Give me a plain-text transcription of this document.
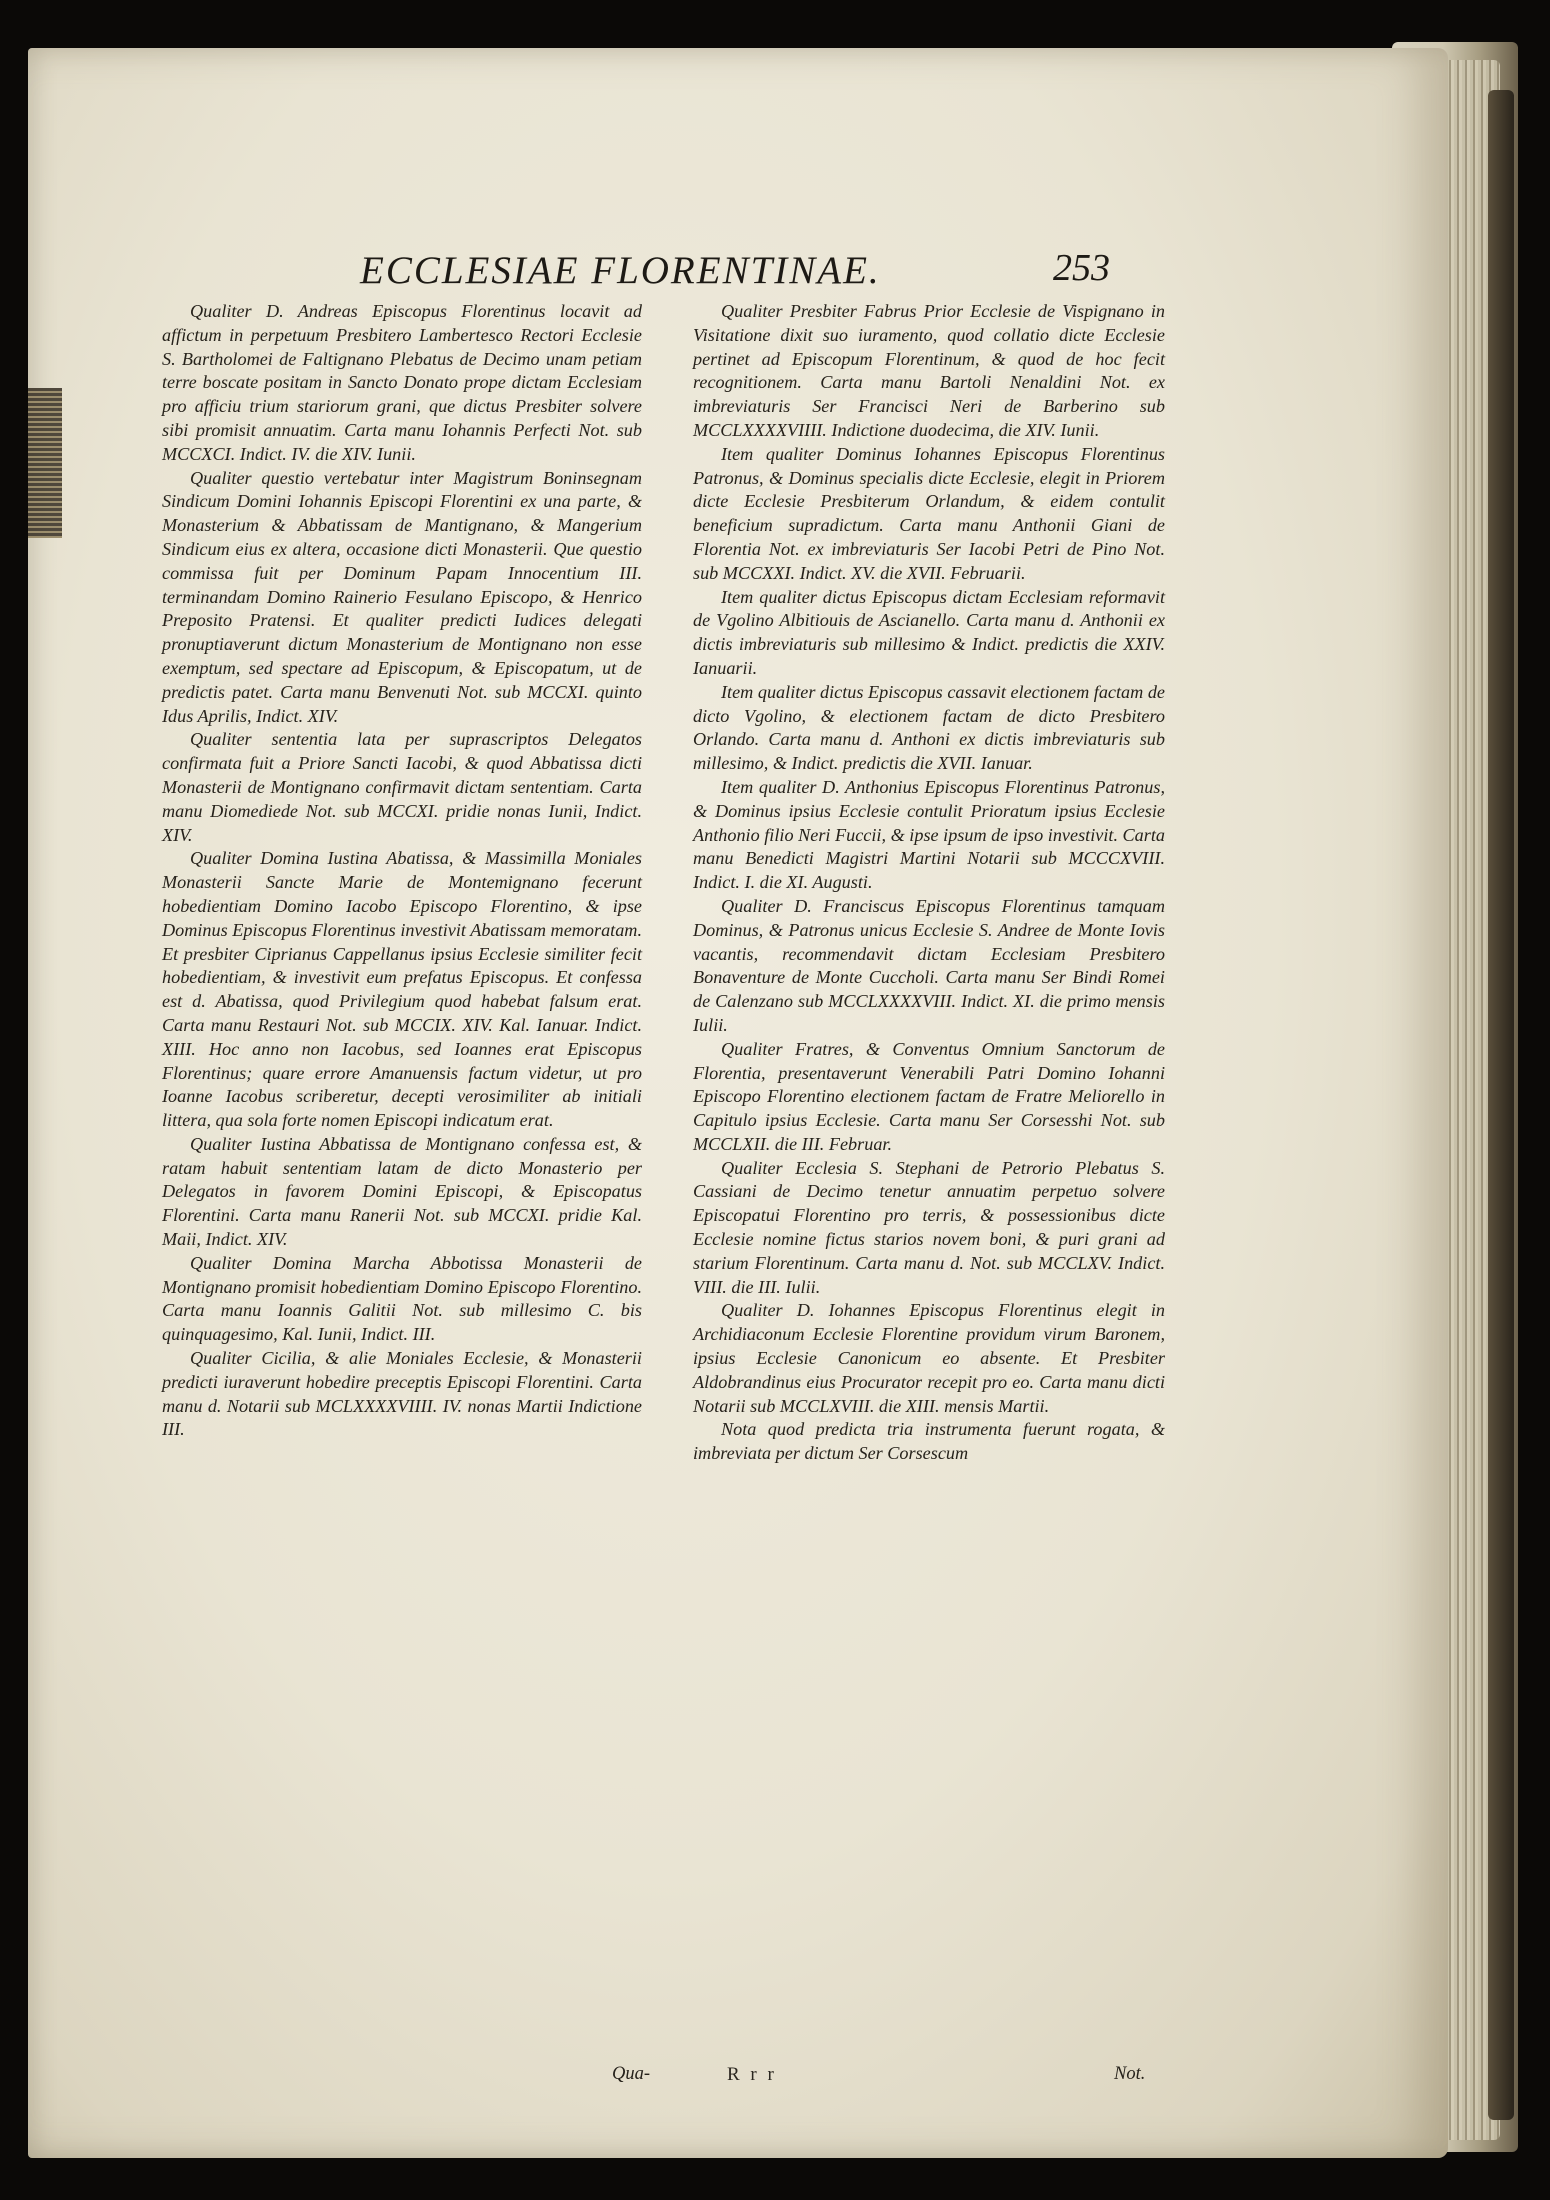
ECCLESIAE FLORENTINAE.	253

Qualiter D. Andreas Episcopus Florentinus locavit ad affictum in perpetuum Presbitero Lambertesco Rectori Ecclesie S. Bartholomei de Faltignano Plebatus de Decimo unam petiam terre boscate positam in Sancto Donato prope dictam Ecclesiam pro afficiu trium stariorum grani, que dictus Presbiter solvere sibi promisit annuatim. Carta manu Iohannis Perfecti Not. sub MCCXCI. Indict. IV. die XIV. Iunii.

Qualiter questio vertebatur inter Magistrum Boninsegnam Sindicum Domini Iohannis Episcopi Florentini ex una parte, & Monasterium & Abbatissam de Mantignano, & Mangerium Sindicum eius ex altera, occasione dicti Monasterii. Que questio commissa fuit per Dominum Papam Innocentium III. terminandam Domino Rainerio Fesulano Episcopo, & Henrico Preposito Pratensi. Et qualiter predicti Iudices delegati pronuptiaverunt dictum Monasterium de Montignano non esse exemptum, sed spectare ad Episcopum, & Episcopatum, ut de predictis patet. Carta manu Benvenuti Not. sub MCCXI. quinto Idus Aprilis, Indict. XIV.

Qualiter sententia lata per suprascriptos Delegatos confirmata fuit a Priore Sancti Iacobi, & quod Abbatissa dicti Monasterii de Montignano confirmavit dictam sententiam. Carta manu Diomediede Not. sub MCCXI. pridie nonas Iunii, Indict. XIV.

Qualiter Domina Iustina Abatissa, & Massimilla Moniales Monasterii Sancte Marie de Montemignano fecerunt hobedientiam Domino Iacobo Episcopo Florentino, & ipse Dominus Episcopus Florentinus investivit Abatissam memoratam. Et presbiter Ciprianus Cappellanus ipsius Ecclesie similiter fecit hobedientiam, & investivit eum prefatus Episcopus. Et confessa est d. Abatissa, quod Privilegium quod habebat falsum erat. Carta manu Restauri Not. sub MCCIX. XIV. Kal. Ianuar. Indict. XIII. Hoc anno non Iacobus, sed Ioannes erat Episcopus Florentinus; quare errore Amanuensis factum videtur, ut pro Ioanne Iacobus scriberetur, decepti verosimiliter ab initiali littera, qua sola forte nomen Episcopi indicatum erat.

Qualiter Iustina Abbatissa de Montignano confessa est, & ratam habuit sententiam latam de dicto Monasterio per Delegatos in favorem Domini Episcopi, & Episcopatus Florentini. Carta manu Ranerii Not. sub MCCXI. pridie Kal. Maii, Indict. XIV.

Qualiter Domina Marcha Abbotissa Monasterii de Montignano promisit hobedientiam Domino Episcopo Florentino. Carta manu Ioannis Galitii Not. sub millesimo C. bis quinquagesimo, Kal. Iunii, Indict. III.

Qualiter Cicilia, & alie Moniales Ecclesie, & Monasterii predicti iuraverunt hobedire preceptis Episcopi Florentini. Carta manu d. Notarii sub MCLXXXXVIIII. IV. nonas Martii Indictione III.

Qualiter Presbiter Fabrus Prior Ecclesie de Vispignano in Visitatione dixit suo iuramento, quod collatio dicte Ecclesie pertinet ad Episcopum Florentinum, & quod de hoc fecit recognitionem. Carta manu Bartoli Nenaldini Not. ex imbreviaturis Ser Francisci Neri de Barberino sub MCCLXXXXVIIII. Indictione duodecima, die XIV. Iunii.

Item qualiter Dominus Iohannes Episcopus Florentinus Patronus, & Dominus specialis dicte Ecclesie, elegit in Priorem dicte Ecclesie Presbiterum Orlandum, & eidem contulit beneficium supradictum. Carta manu Anthonii Giani de Florentia Not. ex imbreviaturis Ser Iacobi Petri de Pino Not. sub MCCXXI. Indict. XV. die XVII. Februarii.

Item qualiter dictus Episcopus dictam Ecclesiam reformavit de Vgolino Albitiouis de Ascianello. Carta manu d. Anthonii ex dictis imbreviaturis sub millesimo & Indict. predictis die XXIV. Ianuarii.

Item qualiter dictus Episcopus cassavit electionem factam de dicto Vgolino, & electionem factam de dicto Presbitero Orlando. Carta manu d. Anthoni ex dictis imbreviaturis sub millesimo, & Indict. predictis die XVII. Ianuar.

Item qualiter D. Anthonius Episcopus Florentinus Patronus, & Dominus ipsius Ecclesie contulit Prioratum ipsius Ecclesie Anthonio filio Neri Fuccii, & ipse ipsum de ipso investivit. Carta manu Benedicti Magistri Martini Notarii sub MCCCXVIII. Indict. I. die XI. Augusti.

Qualiter D. Franciscus Episcopus Florentinus tamquam Dominus, & Patronus unicus Ecclesie S. Andree de Monte Iovis vacantis, recommendavit dictam Ecclesiam Presbitero Bonaventure de Monte Cuccholi. Carta manu Ser Bindi Romei de Calenzano sub MCCLXXXXVIII. Indict. XI. die primo mensis Iulii.

Qualiter Fratres, & Conventus Omnium Sanctorum de Florentia, presentaverunt Venerabili Patri Domino Iohanni Episcopo Florentino electionem factam de Fratre Meliorello in Capitulo ipsius Ecclesie. Carta manu Ser Corsesshi Not. sub MCCLXII. die III. Februar.

Qualiter Ecclesia S. Stephani de Petrorio Plebatus S. Cassiani de Decimo tenetur annuatim perpetuo solvere Episcopatui Florentino pro terris, & possessionibus dicte Ecclesie nomine fictus starios novem boni, & puri grani ad starium Florentinum. Carta manu d. Not. sub MCCLXV. Indict. VIII. die III. Iulii.

Qualiter D. Iohannes Episcopus Florentinus elegit in Archidiaconum Ecclesie Florentine providum virum Baronem, ipsius Ecclesie Canonicum eo absente. Et Presbiter Aldobrandinus eius Procurator recepit pro eo. Carta manu dicti Notarii sub MCCLXVIII. die XIII. mensis Martii.

Nota quod predicta tria instrumenta fuerunt rogata, & imbreviata per dictum Ser Corsescum

Qua-	R r r	Not.
